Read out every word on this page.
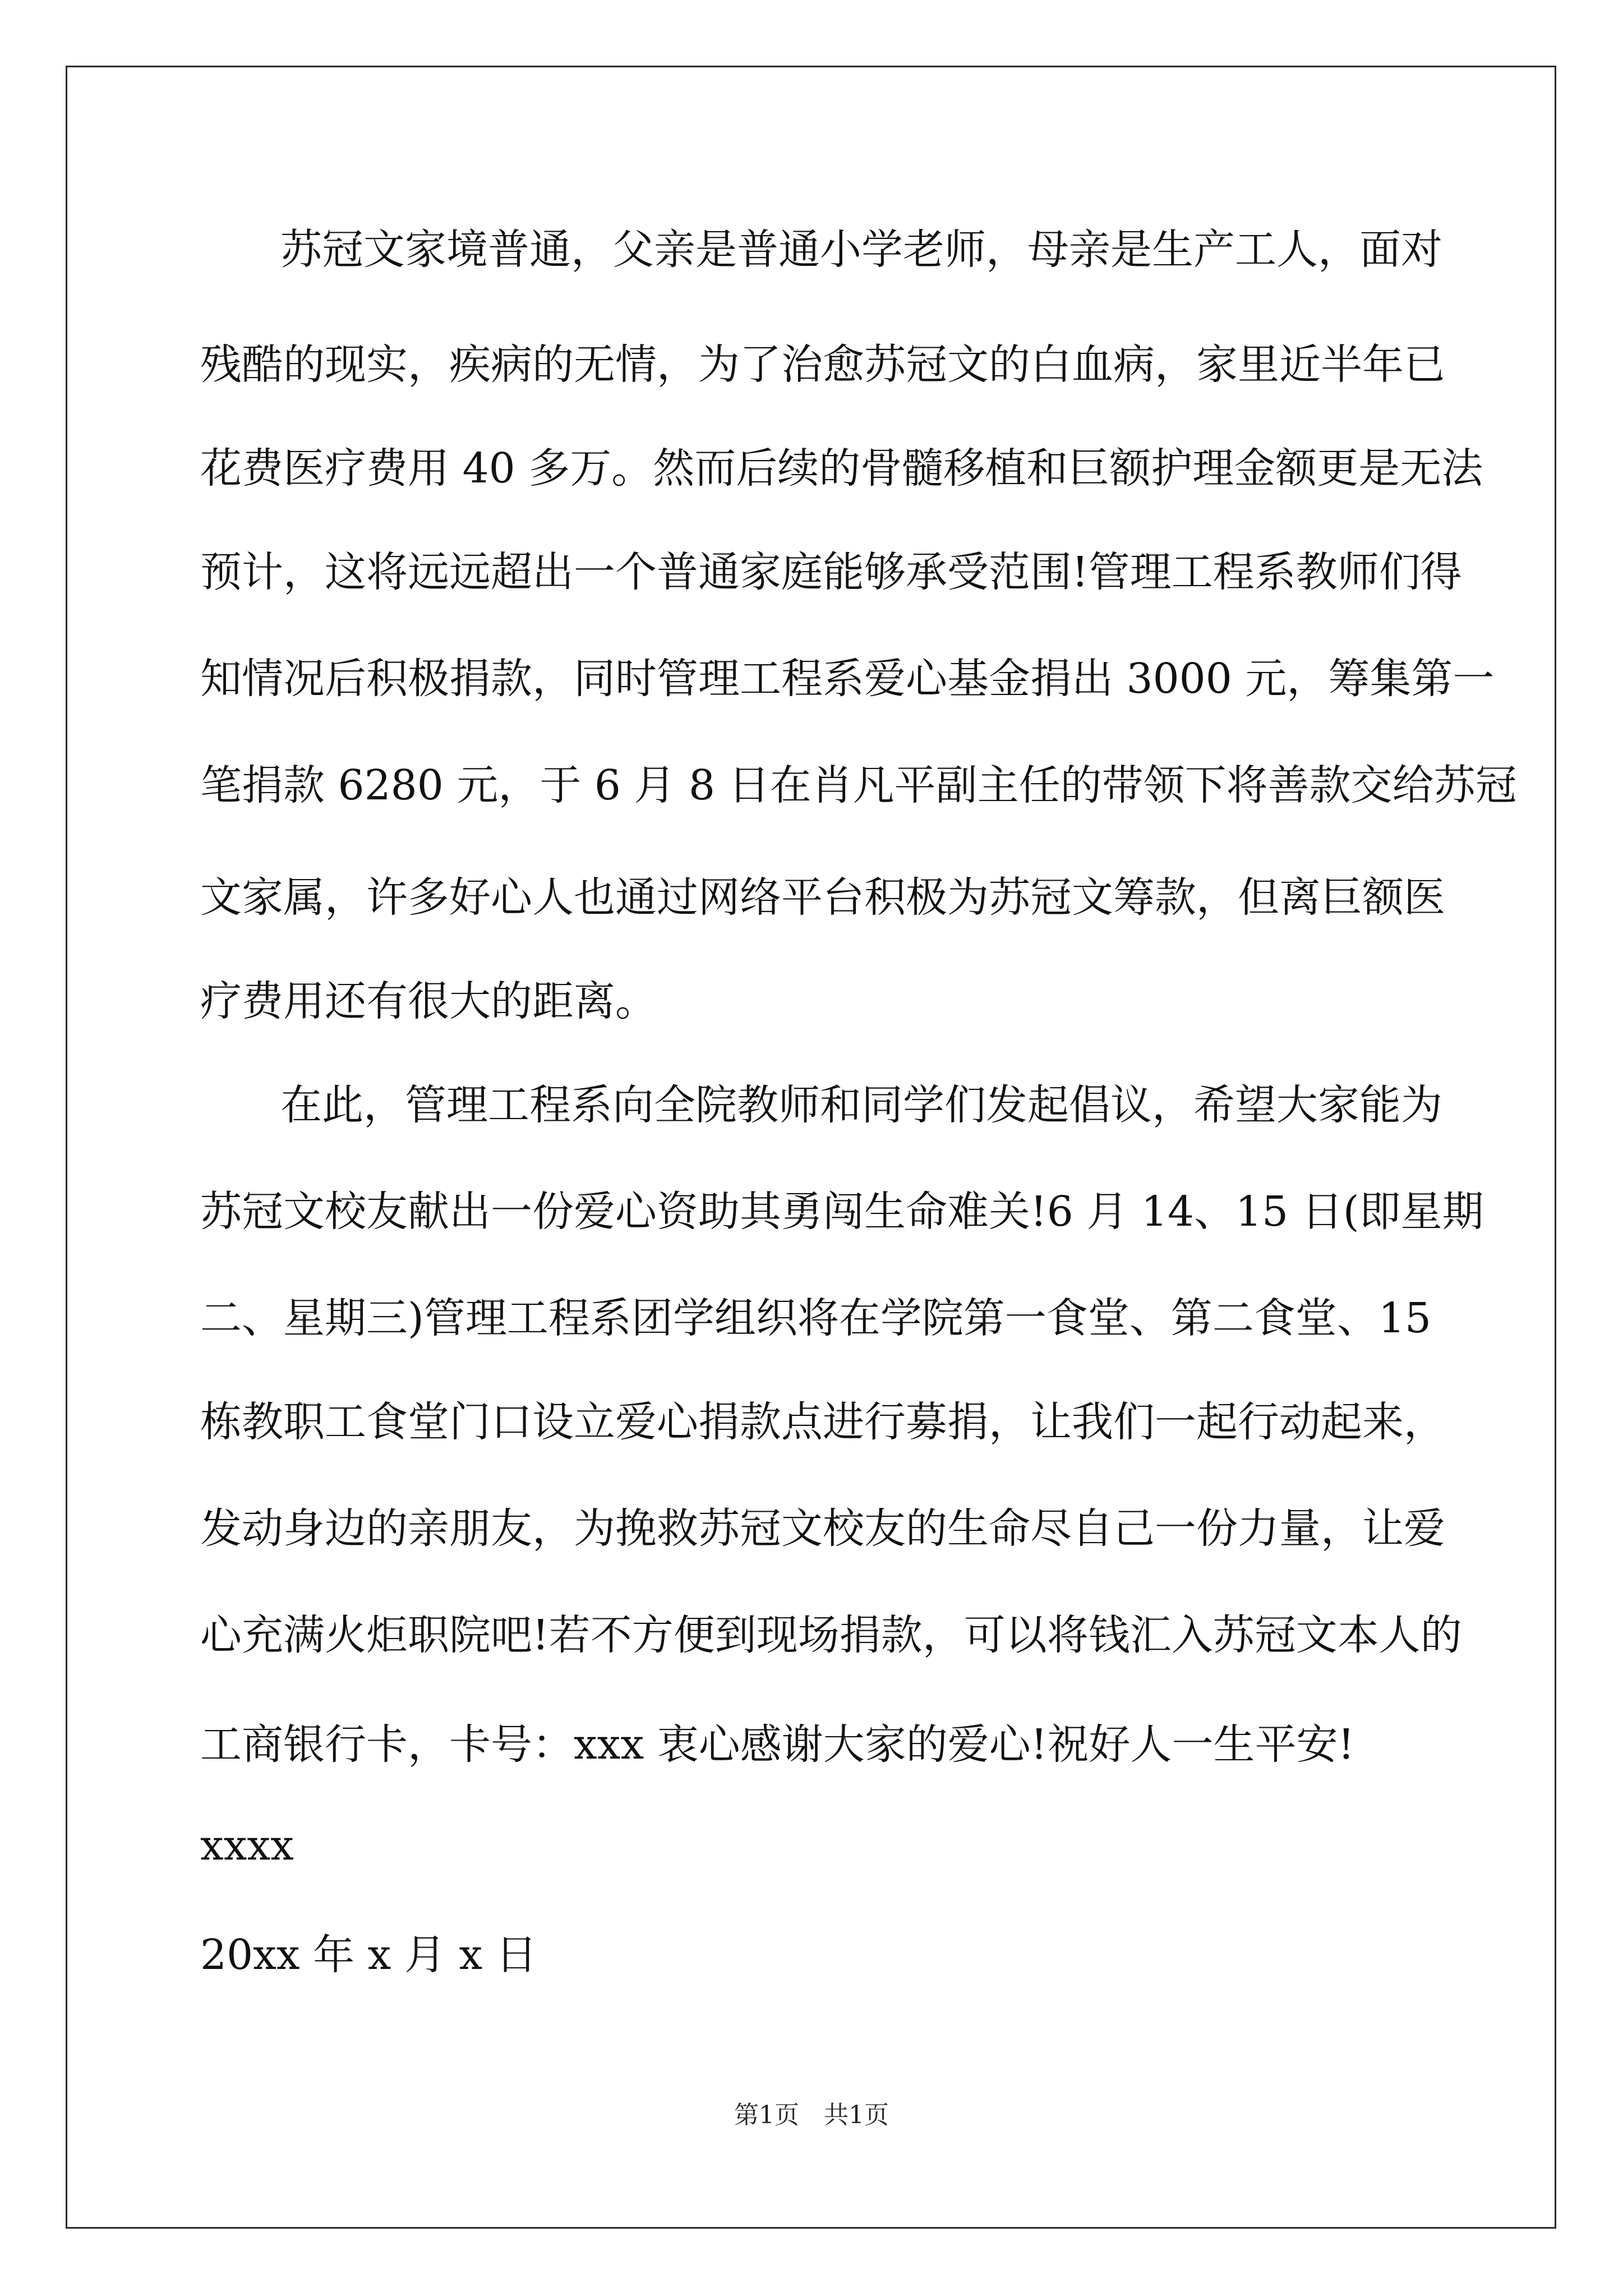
苏冠文家境普通，父亲是普通小学老师，母亲是生产工人，面对
残酷的现实，疾病的无情，为了治愈苏冠文的白血病，家里近半年已
花费医疗费用 40 多万。然而后续的骨髓移植和巨额护理金额更是无法
预计，这将远远超出一个普通家庭能够承受范围!管理工程系教师们得
知情况后积极捐款，同时管理工程系爱心基金捐出 3000 元，筹集第一
笔捐款 6280 元，于 6 月 8 日在肖凡平副主任的带领下将善款交给苏冠
文家属，许多好心人也通过网络平台积极为苏冠文筹款，但离巨额医
疗费用还有很大的距离。
在此，管理工程系向全院教师和同学们发起倡议，希望大家能为
苏冠文校友献出一份爱心资助其勇闯生命难关!6 月 14、15 日(即星期
二、星期三)管理工程系团学组织将在学院第一食堂、第二食堂、15
栋教职工食堂门口设立爱心捐款点进行募捐，让我们一起行动起来，
发动身边的亲朋友，为挽救苏冠文校友的生命尽自己一份力量，让爱
心充满火炬职院吧!若不方便到现场捐款，可以将钱汇入苏冠文本人的
工商银行卡，卡号：xxx 衷心感谢大家的爱心!祝好人一生平安!
xxxx
20xx 年 x 月 x 日
第1页 共1页
